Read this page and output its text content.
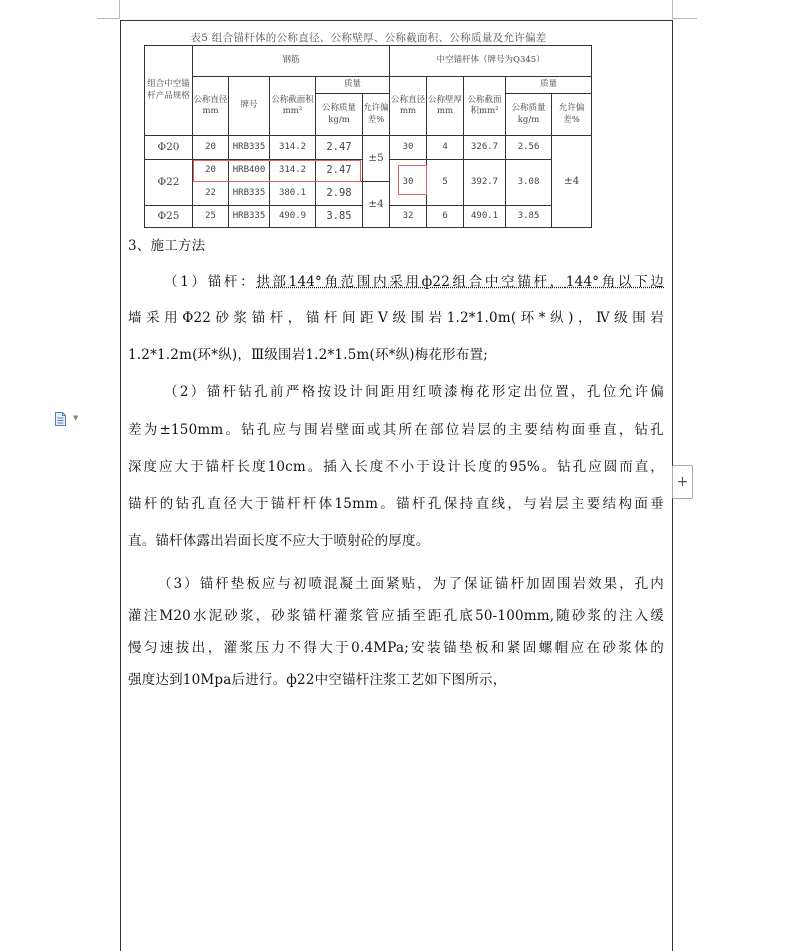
表5 组合锚杆体的公称直径、公称壁厚、公称截面积、公称质量及允许偏差
组合中空锚杆产品规格	钢筋					中空锚杆体（牌号为Q345）				
	公称直径mm	牌号	公称截面积mm²	质量		公称直径mm	公称壁厚mm	公称截面积mm²	质量	
				公称质量kg/m	允许偏差%				公称质量kg/m	允许偏差%
Φ20	20	HRB335	314.2	2.47	±5	30	4	326.7	2.56	±4
Φ22	20	HRB400	314.2	2.47		30	5	392.7	3.08	
	22	HRB335	380.1	2.98	±4					
Φ25	25	HRB335	490.9	3.85		32	6	490.1	3.85	
3、施工方法
（1）锚杆：拱部144°角范围内采用ф22组合中空锚杆，144°角以下边
墙采用Φ22砂浆锚杆，锚杆间距Ⅴ级围岩1.2*1.0m(环*纵)，Ⅳ级围岩
1.2*1.2m(环*纵)，Ⅲ级围岩1.2*1.5m(环*纵)梅花形布置;
（2）锚杆钻孔前严格按设计间距用红喷漆梅花形定出位置，孔位允许偏
差为±150mm。钻孔应与围岩壁面或其所在部位岩层的主要结构面垂直，钻孔
深度应大于锚杆长度10cm。插入长度不小于设计长度的95%。钻孔应圆而直，
锚杆的钻孔直径大于锚杆杆体15mm。锚杆孔保持直线，与岩层主要结构面垂
直。锚杆体露出岩面长度不应大于喷射砼的厚度。
（3）锚杆垫板应与初喷混凝土面紧贴，为了保证锚杆加固围岩效果，孔内
灌注M20水泥砂浆，砂浆锚杆灌浆管应插至距孔底50-100mm,随砂浆的注入缓
慢匀速拔出，灌浆压力不得大于0.4MPa;安装锚垫板和紧固螺帽应在砂浆体的
强度达到10Mpa后进行。ф22中空锚杆注浆工艺如下图所示，
▼
+
